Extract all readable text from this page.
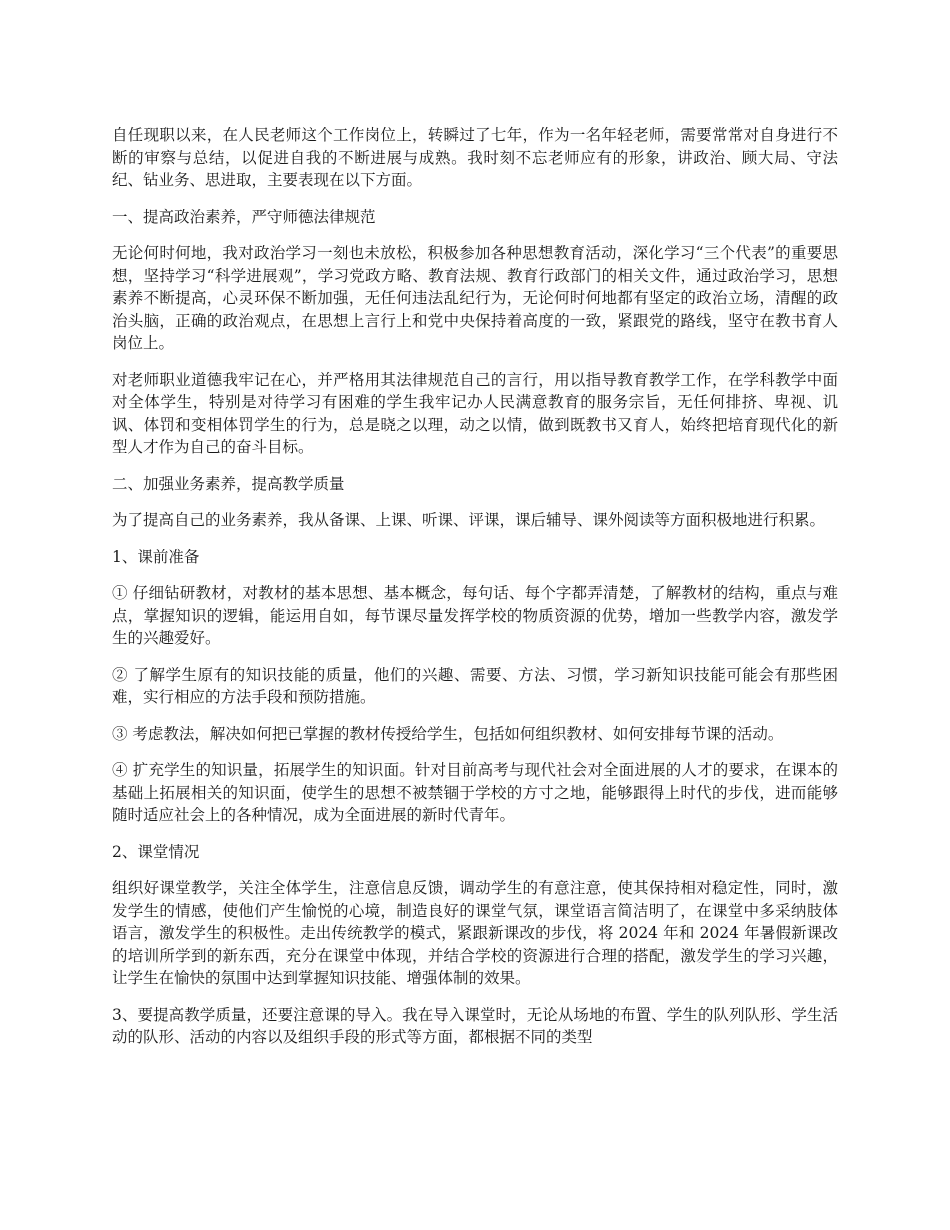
自任现职以来，在人民老师这个工作岗位上，转瞬过了七年，作为一名年轻老师，需要常常对自身进行不断的审察与总结，以促进自我的不断进展与成熟。我时刻不忘老师应有的形象，讲政治、顾大局、守法纪、钻业务、思进取，主要表现在以下方面。

一、提高政治素养，严守师德法律规范

无论何时何地，我对政治学习一刻也未放松，积极参加各种思想教育活动，深化学习“三个代表”的重要思想，坚持学习“科学进展观”，学习党政方略、教育法规、教育行政部门的相关文件，通过政治学习，思想素养不断提高，心灵环保不断加强，无任何违法乱纪行为，无论何时何地都有坚定的政治立场，清醒的政治头脑，正确的政治观点，在思想上言行上和党中央保持着高度的一致，紧跟党的路线，坚守在教书育人岗位上。

对老师职业道德我牢记在心，并严格用其法律规范自己的言行，用以指导教育教学工作，在学科教学中面对全体学生，特别是对待学习有困难的学生我牢记办人民满意教育的服务宗旨，无任何排挤、卑视、讥讽、体罚和变相体罚学生的行为，总是晓之以理，动之以情，做到既教书又育人，始终把培育现代化的新型人才作为自己的奋斗目标。

二、加强业务素养，提高教学质量

为了提高自己的业务素养，我从备课、上课、听课、评课，课后辅导、课外阅读等方面积极地进行积累。

1、课前准备

① 仔细钻研教材，对教材的基本思想、基本概念，每句话、每个字都弄清楚，了解教材的结构，重点与难点，掌握知识的逻辑，能运用自如，每节课尽量发挥学校的物质资源的优势，增加一些教学内容，激发学生的兴趣爱好。

② 了解学生原有的知识技能的质量，他们的兴趣、需要、方法、习惯，学习新知识技能可能会有那些困难，实行相应的方法手段和预防措施。

③ 考虑教法，解决如何把已掌握的教材传授给学生，包括如何组织教材、如何安排每节课的活动。

④ 扩充学生的知识量，拓展学生的知识面。针对目前高考与现代社会对全面进展的人才的要求，在课本的基础上拓展相关的知识面，使学生的思想不被禁锢于学校的方寸之地，能够跟得上时代的步伐，进而能够随时适应社会上的各种情况，成为全面进展的新时代青年。

2、课堂情况

组织好课堂教学，关注全体学生，注意信息反馈，调动学生的有意注意，使其保持相对稳定性，同时，激发学生的情感，使他们产生愉悦的心境，制造良好的课堂气氛，课堂语言简洁明了，在课堂中多采纳肢体语言，激发学生的积极性。走出传统教学的模式，紧跟新课改的步伐，将 2024 年和 2024 年暑假新课改的培训所学到的新东西，充分在课堂中体现，并结合学校的资源进行合理的搭配，激发学生的学习兴趣，让学生在愉快的氛围中达到掌握知识技能、增强体制的效果。

3、要提高教学质量，还要注意课的导入。我在导入课堂时，无论从场地的布置、学生的队列队形、学生活动的队形、活动的内容以及组织手段的形式等方面，都根据不同的类型
